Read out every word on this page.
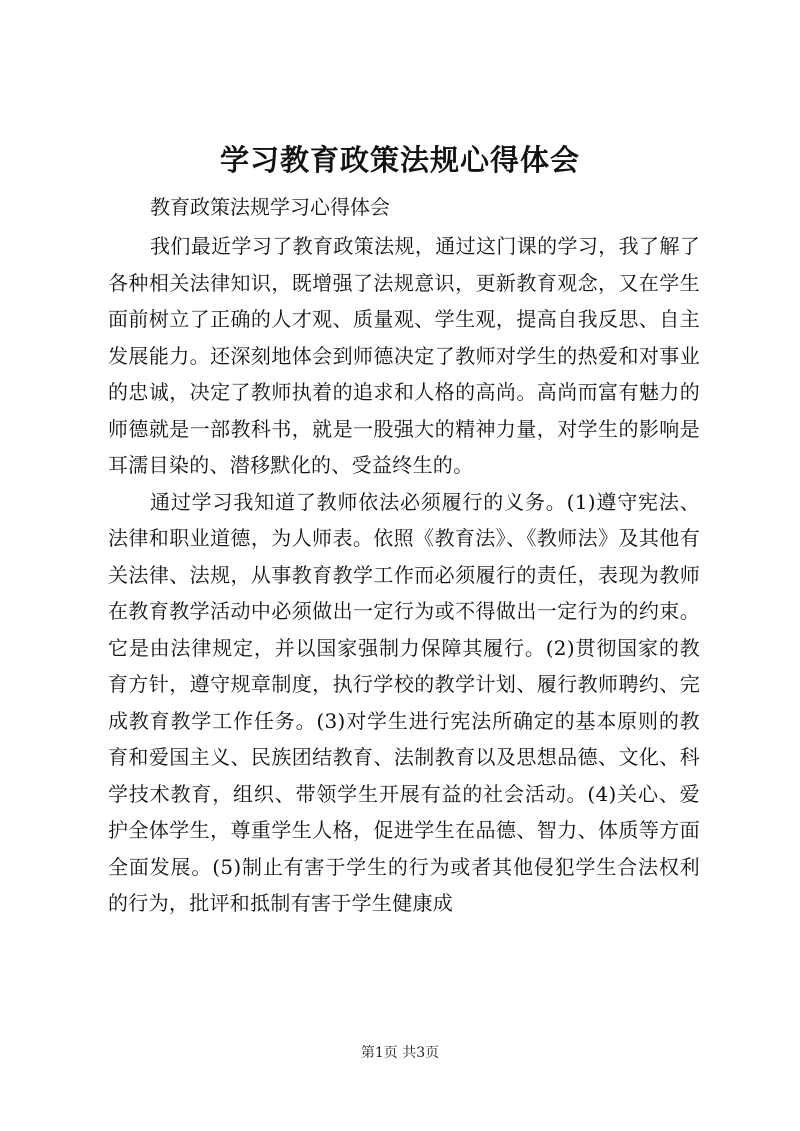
学习教育政策法规心得体会
教育政策法规学习心得体会

我们最近学习了教育政策法规，通过这门课的学习，我了解了各种相关法律知识，既增强了法规意识，更新教育观念，又在学生面前树立了正确的人才观、质量观、学生观，提高自我反思、自主发展能力。还深刻地体会到师德决定了教师对学生的热爱和对事业的忠诚，决定了教师执着的追求和人格的高尚。高尚而富有魅力的师德就是一部教科书，就是一股强大的精神力量，对学生的影响是耳濡目染的、潜移默化的、受益终生的。

通过学习我知道了教师依法必须履行的义务。(1)遵守宪法、法律和职业道德，为人师表。依照《教育法》、《教师法》及其他有关法律、法规，从事教育教学工作而必须履行的责任，表现为教师在教育教学活动中必须做出一定行为或不得做出一定行为的约束。它是由法律规定，并以国家强制力保障其履行。(2)贯彻国家的教育方针，遵守规章制度，执行学校的教学计划、履行教师聘约、完成教育教学工作任务。(3)对学生进行宪法所确定的基本原则的教育和爱国主义、民族团结教育、法制教育以及思想品德、文化、科学技术教育，组织、带领学生开展有益的社会活动。(4)关心、爱护全体学生，尊重学生人格，促进学生在品德、智力、体质等方面全面发展。(5)制止有害于学生的行为或者其他侵犯学生合法权利的行为，批评和抵制有害于学生健康成

第1页 共3页
